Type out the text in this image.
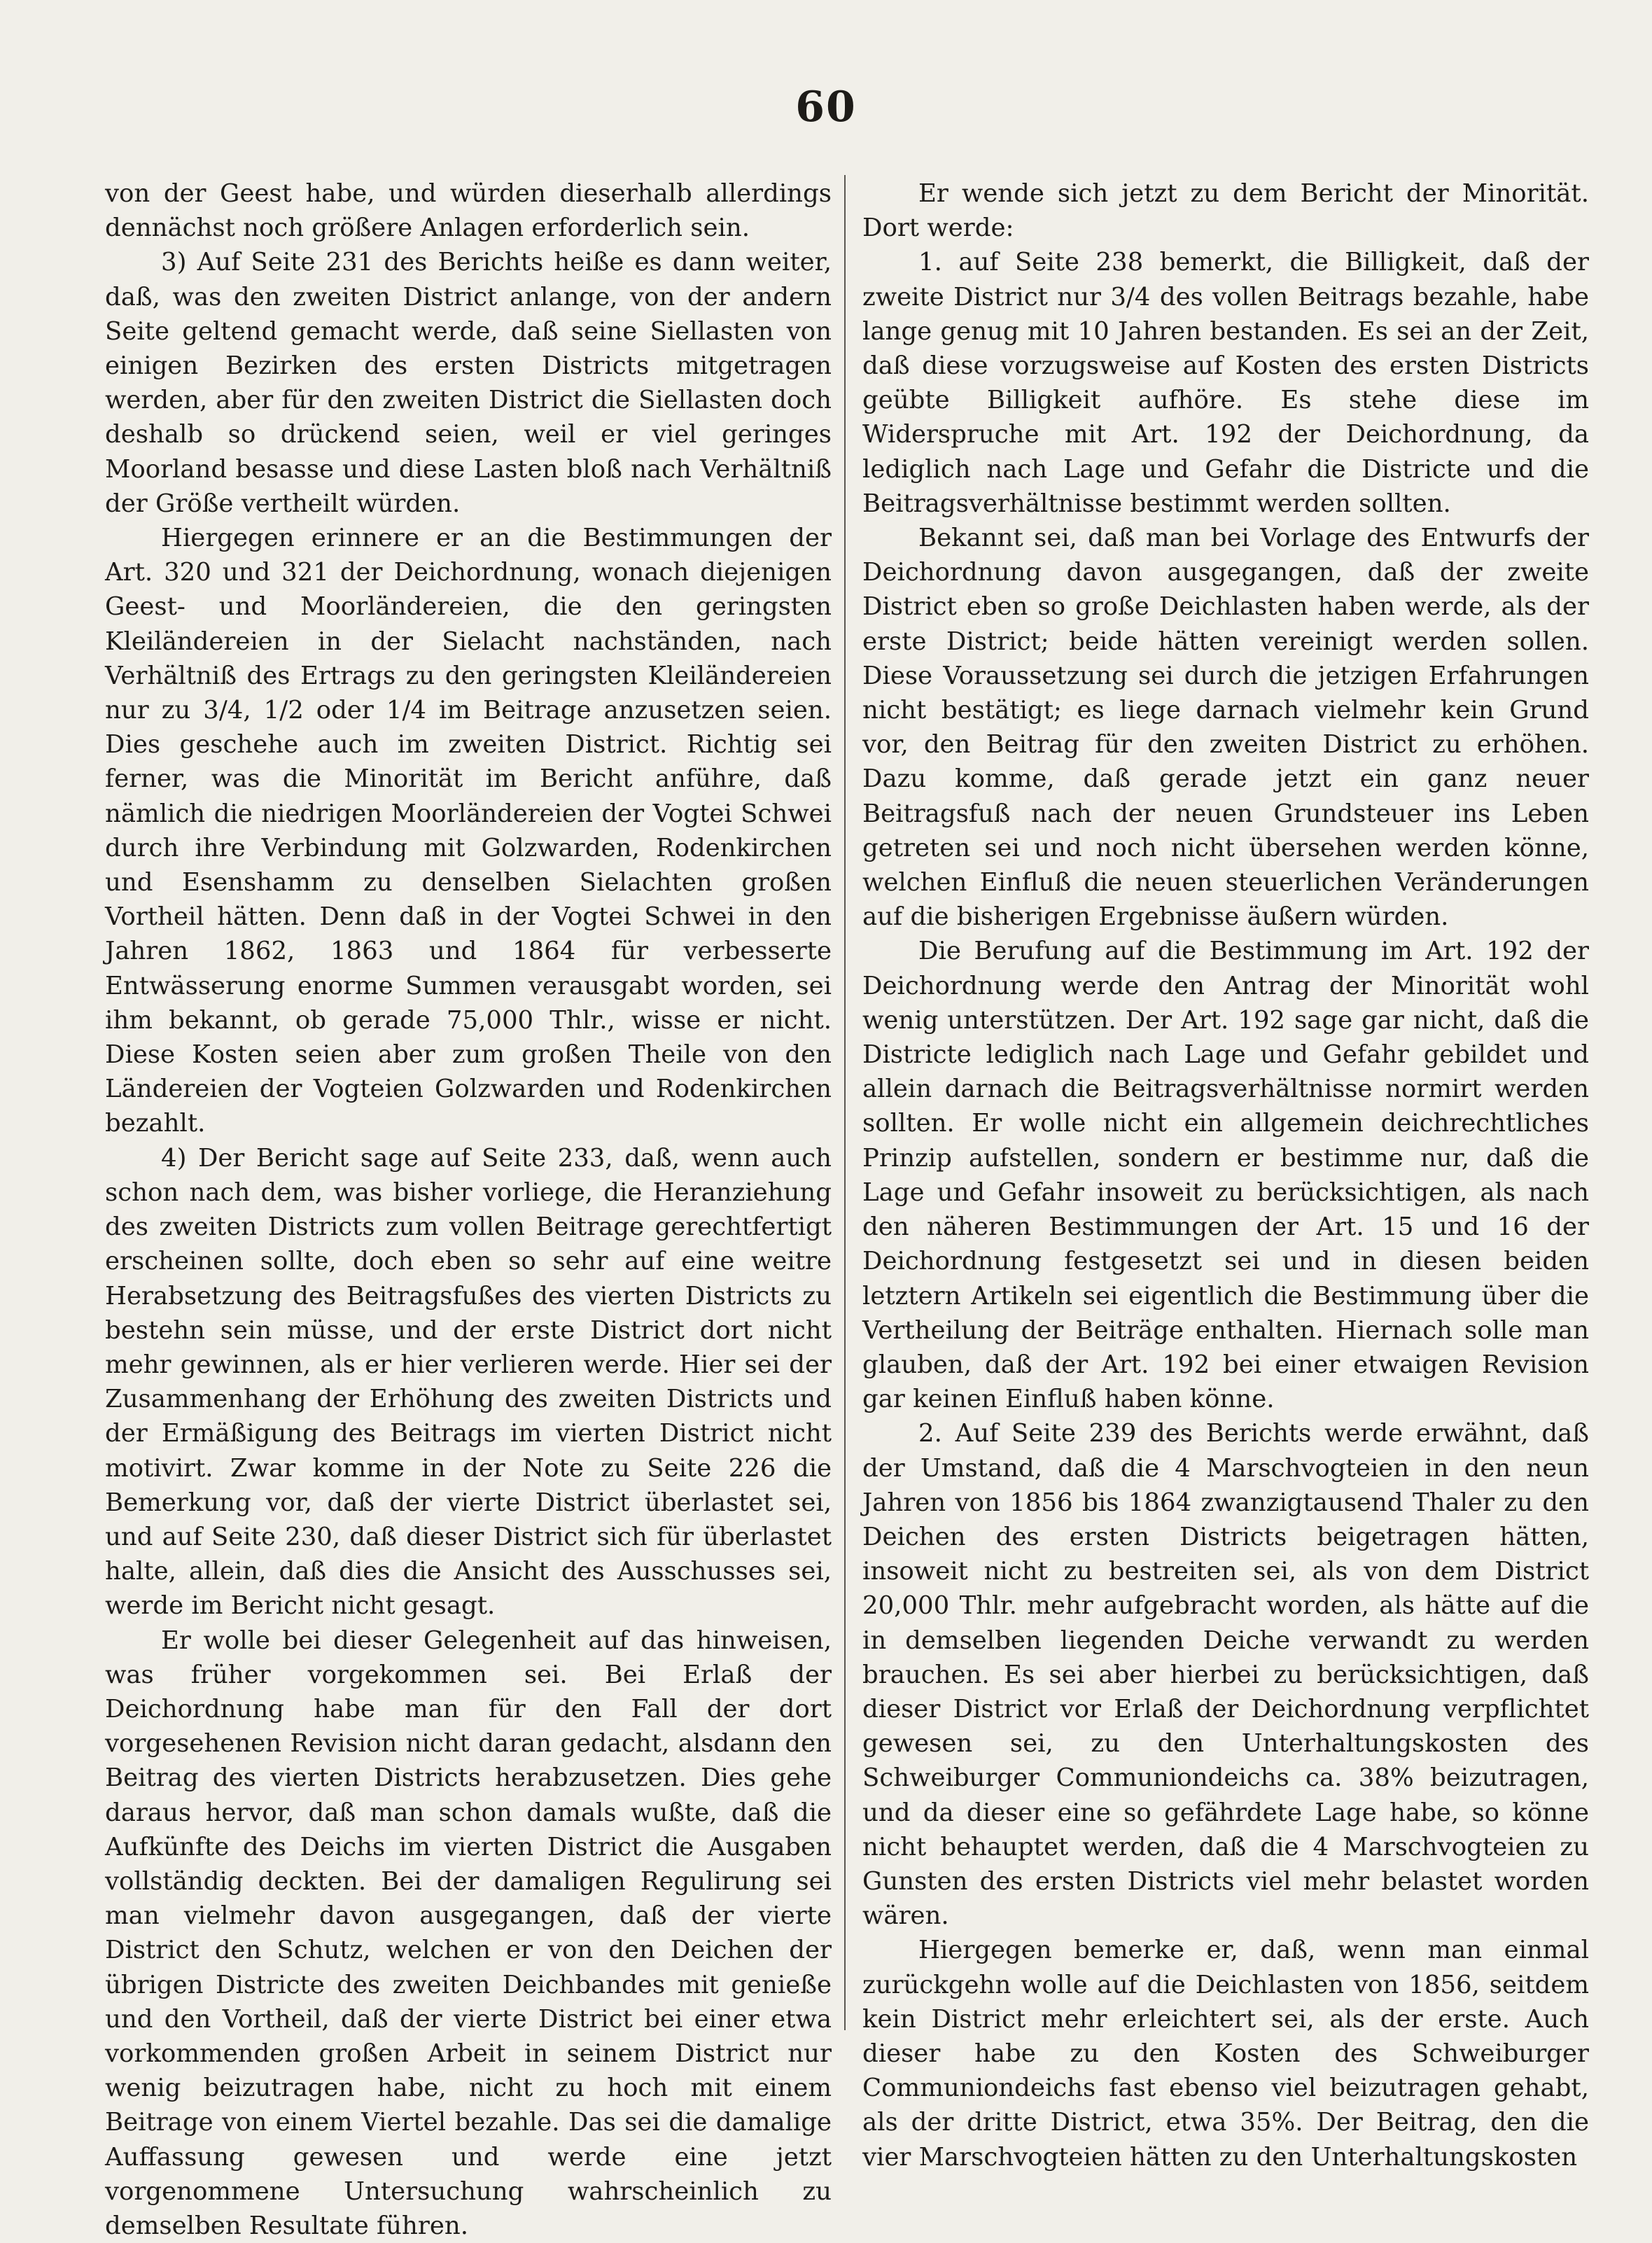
60

von der Geest habe, und würden dieserhalb allerdings dennächst noch größere Anlagen erforderlich sein.

3) Auf Seite 231 des Berichts heiße es dann weiter, daß, was den zweiten District anlange, von der andern Seite geltend gemacht werde, daß seine Siellasten von einigen Bezirken des ersten Districts mitgetragen werden, aber für den zweiten District die Siellasten doch deshalb so drückend seien, weil er viel geringes Moorland besasse und diese Lasten bloß nach Verhältniß der Größe vertheilt würden.

Hiergegen erinnere er an die Bestimmungen der Art. 320 und 321 der Deichordnung, wonach diejenigen Geest- und Moorländereien, die den geringsten Kleiländereien in der Sielacht nachständen, nach Verhältniß des Ertrags zu den geringsten Kleiländereien nur zu 3/4, 1/2 oder 1/4 im Beitrage anzusetzen seien. Dies geschehe auch im zweiten District. Richtig sei ferner, was die Minorität im Bericht anführe, daß nämlich die niedrigen Moorländereien der Vogtei Schwei durch ihre Verbindung mit Golzwarden, Rodenkirchen und Esenshamm zu denselben Sielachten großen Vortheil hätten. Denn daß in der Vogtei Schwei in den Jahren 1862, 1863 und 1864 für verbesserte Entwässerung enorme Summen verausgabt worden, sei ihm bekannt, ob gerade 75,000 Thlr., wisse er nicht. Diese Kosten seien aber zum großen Theile von den Ländereien der Vogteien Golzwarden und Rodenkirchen bezahlt.

4) Der Bericht sage auf Seite 233, daß, wenn auch schon nach dem, was bisher vorliege, die Heranziehung des zweiten Districts zum vollen Beitrage gerechtfertigt erscheinen sollte, doch eben so sehr auf eine weitre Herabsetzung des Beitragsfußes des vierten Districts zu bestehn sein müsse, und der erste District dort nicht mehr gewinnen, als er hier verlieren werde. Hier sei der Zusammenhang der Erhöhung des zweiten Districts und der Ermäßigung des Beitrags im vierten District nicht motivirt. Zwar komme in der Note zu Seite 226 die Bemerkung vor, daß der vierte District überlastet sei, und auf Seite 230, daß dieser District sich für überlastet halte, allein, daß dies die Ansicht des Ausschusses sei, werde im Bericht nicht gesagt.

Er wolle bei dieser Gelegenheit auf das hinweisen, was früher vorgekommen sei. Bei Erlaß der Deichordnung habe man für den Fall der dort vorgesehenen Revision nicht daran gedacht, alsdann den Beitrag des vierten Districts herabzusetzen. Dies gehe daraus hervor, daß man schon damals wußte, daß die Aufkünfte des Deichs im vierten District die Ausgaben vollständig deckten. Bei der damaligen Regulirung sei man vielmehr davon ausgegangen, daß der vierte District den Schutz, welchen er von den Deichen der übrigen Districte des zweiten Deichbandes mit genieße und den Vortheil, daß der vierte District bei einer etwa vorkommenden großen Arbeit in seinem District nur wenig beizutragen habe, nicht zu hoch mit einem Beitrage von einem Viertel bezahle. Das sei die damalige Auffassung gewesen und werde eine jetzt vorgenommene Untersuchung wahrscheinlich zu demselben Resultate führen.

Er wende sich jetzt zu dem Bericht der Minorität. Dort werde:

1. auf Seite 238 bemerkt, die Billigkeit, daß der zweite District nur 3/4 des vollen Beitrags bezahle, habe lange genug mit 10 Jahren bestanden. Es sei an der Zeit, daß diese vorzugsweise auf Kosten des ersten Districts geübte Billigkeit aufhöre. Es stehe diese im Widerspruche mit Art. 192 der Deichordnung, da lediglich nach Lage und Gefahr die Districte und die Beitragsverhältnisse bestimmt werden sollten.

Bekannt sei, daß man bei Vorlage des Entwurfs der Deichordnung davon ausgegangen, daß der zweite District eben so große Deichlasten haben werde, als der erste District; beide hätten vereinigt werden sollen. Diese Voraussetzung sei durch die jetzigen Erfahrungen nicht bestätigt; es liege darnach vielmehr kein Grund vor, den Beitrag für den zweiten District zu erhöhen. Dazu komme, daß gerade jetzt ein ganz neuer Beitragsfuß nach der neuen Grundsteuer ins Leben getreten sei und noch nicht übersehen werden könne, welchen Einfluß die neuen steuerlichen Veränderungen auf die bisherigen Ergebnisse äußern würden.

Die Berufung auf die Bestimmung im Art. 192 der Deichordnung werde den Antrag der Minorität wohl wenig unterstützen. Der Art. 192 sage gar nicht, daß die Districte lediglich nach Lage und Gefahr gebildet und allein darnach die Beitragsverhältnisse normirt werden sollten. Er wolle nicht ein allgemein deichrechtliches Prinzip aufstellen, sondern er bestimme nur, daß die Lage und Gefahr insoweit zu berücksichtigen, als nach den näheren Bestimmungen der Art. 15 und 16 der Deichordnung festgesetzt sei und in diesen beiden letztern Artikeln sei eigentlich die Bestimmung über die Vertheilung der Beiträge enthalten. Hiernach solle man glauben, daß der Art. 192 bei einer etwaigen Revision gar keinen Einfluß haben könne.

2. Auf Seite 239 des Berichts werde erwähnt, daß der Umstand, daß die 4 Marschvogteien in den neun Jahren von 1856 bis 1864 zwanzigtausend Thaler zu den Deichen des ersten Districts beigetragen hätten, insoweit nicht zu bestreiten sei, als von dem District 20,000 Thlr. mehr aufgebracht worden, als hätte auf die in demselben liegenden Deiche verwandt zu werden brauchen. Es sei aber hierbei zu berücksichtigen, daß dieser District vor Erlaß der Deichordnung verpflichtet gewesen sei, zu den Unterhaltungskosten des Schweiburger Communiondeichs ca. 38% beizutragen, und da dieser eine so gefährdete Lage habe, so könne nicht behauptet werden, daß die 4 Marschvogteien zu Gunsten des ersten Districts viel mehr belastet worden wären.

Hiergegen bemerke er, daß, wenn man einmal zurückgehn wolle auf die Deichlasten von 1856, seitdem kein District mehr erleichtert sei, als der erste. Auch dieser habe zu den Kosten des Schweiburger Communiondeichs fast ebenso viel beizutragen gehabt, als der dritte District, etwa 35%. Der Beitrag, den die vier Marschvogteien hätten zu den Unterhaltungskosten
